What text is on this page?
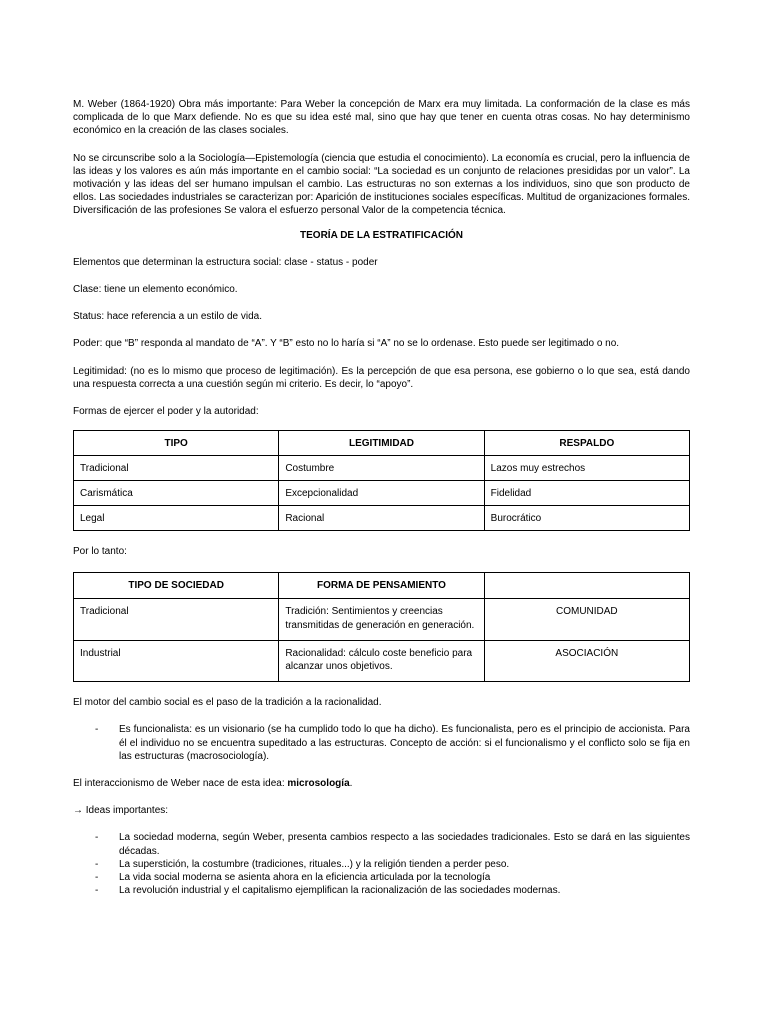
M. Weber (1864-1920) Obra más importante: Para Weber la concepción de Marx era muy limitada. La conformación de la clase es más complicada de lo que Marx defiende. No es que su idea esté mal, sino que hay que tener en cuenta otras cosas. No hay determinismo económico en la creación de las clases sociales.

No se circunscribe solo a la Sociología—Epistemología (ciencia que estudia el conocimiento). La economía es crucial, pero la influencia de las ideas y los valores es aún más importante en el cambio social: “La sociedad es un conjunto de relaciones presididas por un valor”. La motivación y las ideas del ser humano impulsan el cambio. Las estructuras no son externas a los individuos, sino que son producto de ellos. Las sociedades industriales se caracterizan por: Aparición de instituciones sociales específicas. Multitud de organizaciones formales. Diversificación de las profesiones Se valora el esfuerzo personal Valor de la competencia técnica.

TEORÍA DE LA ESTRATIFICACIÓN

Elementos que determinan la estructura social: clase - status - poder

Clase: tiene un elemento económico.

Status: hace referencia a un estilo de vida.

Poder: que “B” responda al mandato de “A”. Y “B” esto no lo haría si “A” no se lo ordenase. Esto puede ser legitimado o no.

Legitimidad: (no es lo mismo que proceso de legitimación). Es la percepción de que esa persona, ese gobierno o lo que sea, está dando una respuesta correcta a una cuestión según mi criterio. Es decir, lo “apoyo”.

Formas de ejercer el poder y la autoridad:

TIPO	LEGITIMIDAD	RESPALDO
Tradicional	Costumbre	Lazos muy estrechos
Carismática	Excepcionalidad	Fidelidad
Legal	Racional	Burocrático

Por lo tanto:

TIPO DE SOCIEDAD	FORMA DE PENSAMIENTO	
Tradicional	Tradición: Sentimientos y creencias transmitidas de generación en generación.	COMUNIDAD
Industrial	Racionalidad: cálculo coste beneficio para alcanzar unos objetivos.	ASOCIACIÓN

El motor del cambio social es el paso de la tradición a la racionalidad.

- Es funcionalista: es un visionario (se ha cumplido todo lo que ha dicho). Es funcionalista, pero es el principio de accionista. Para él el individuo no se encuentra supeditado a las estructuras. Concepto de acción: si el funcionalismo y el conflicto solo se fija en las estructuras (macrosociología).

El interaccionismo de Weber nace de esta idea: microsología.

→ Ideas importantes:

- La sociedad moderna, según Weber, presenta cambios respecto a las sociedades tradicionales. Esto se dará en las siguientes décadas.
- La superstición, la costumbre (tradiciones, rituales...) y la religión tienden a perder peso.
- La vida social moderna se asienta ahora en la eficiencia articulada por la tecnología
- La revolución industrial y el capitalismo ejemplifican la racionalización de las sociedades modernas.
